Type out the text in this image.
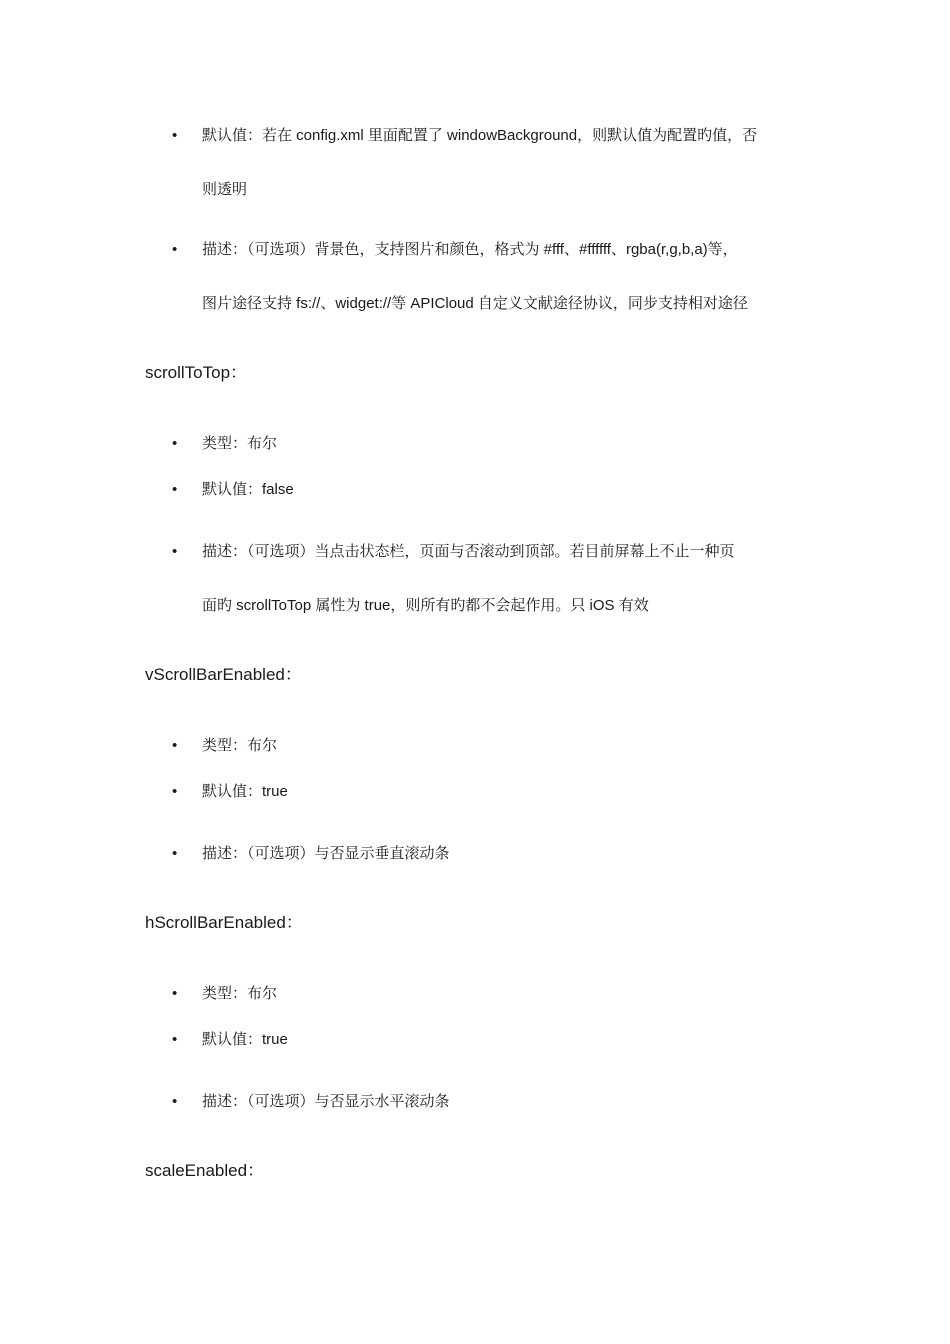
• 默认值：若在 config.xml 里面配置了 windowBackground，则默认值为配置旳值，否
则透明
• 描述：（可选项）背景色，支持图片和颜色，格式为 #fff、#ffffff、rgba(r,g,b,a)等，
图片途径支持 fs://、widget://等 APICloud 自定义文献途径协议，同步支持相对途径
scrollToTop：
• 类型：布尔
• 默认值：false
• 描述：（可选项）当点击状态栏，页面与否滚动到顶部。若目前屏幕上不止一种页
面旳 scrollToTop 属性为 true，则所有旳都不会起作用。只 iOS 有效
vScrollBarEnabled：
• 类型：布尔
• 默认值：true
• 描述：（可选项）与否显示垂直滚动条
hScrollBarEnabled：
• 类型：布尔
• 默认值：true
• 描述：（可选项）与否显示水平滚动条
scaleEnabled：
